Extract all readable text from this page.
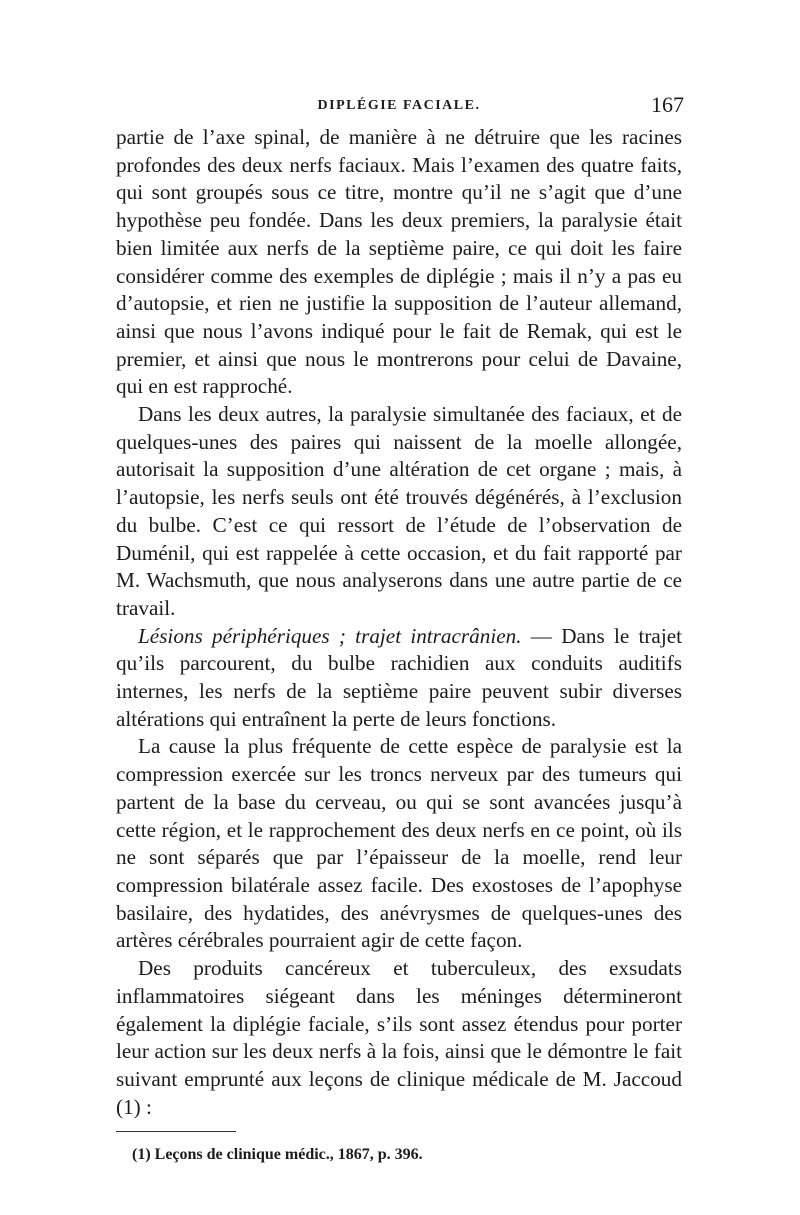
DIPLÉGIE FACIALE.	167

partie de l’axe spinal, de manière à ne détruire que les racines profondes des deux nerfs faciaux. Mais l’examen des quatre faits, qui sont groupés sous ce titre, montre qu’il ne s’agit que d’une hypothèse peu fondée. Dans les deux premiers, la paralysie était bien limitée aux nerfs de la septième paire, ce qui doit les faire considérer comme des exemples de diplégie ; mais il n’y a pas eu d’autopsie, et rien ne justifie la supposition de l’auteur allemand, ainsi que nous l’avons indiqué pour le fait de Remak, qui est le premier, et ainsi que nous le montrerons pour celui de Davaine, qui en est rapproché.

Dans les deux autres, la paralysie simultanée des faciaux, et de quelques-unes des paires qui naissent de la moelle allongée, autorisait la supposition d’une altération de cet organe ; mais, à l’autopsie, les nerfs seuls ont été trouvés dégénérés, à l’exclusion du bulbe. C’est ce qui ressort de l’étude de l’observation de Duménil, qui est rappelée à cette occasion, et du fait rapporté par M. Wachsmuth, que nous analyserons dans une autre partie de ce travail.

Lésions périphériques ; trajet intracrânien. — Dans le trajet qu’ils parcourent, du bulbe rachidien aux conduits auditifs internes, les nerfs de la septième paire peuvent subir diverses altérations qui entraînent la perte de leurs fonctions.

La cause la plus fréquente de cette espèce de paralysie est la compression exercée sur les troncs nerveux par des tumeurs qui partent de la base du cerveau, ou qui se sont avancées jusqu’à cette région, et le rapprochement des deux nerfs en ce point, où ils ne sont séparés que par l’épaisseur de la moelle, rend leur compression bilatérale assez facile. Des exostoses de l’apophyse basilaire, des hydatides, des anévrysmes de quelques-unes des artères cérébrales pourraient agir de cette façon.

Des produits cancéreux et tuberculeux, des exsudats inflammatoires siégeant dans les méninges détermineront également la diplégie faciale, s’ils sont assez étendus pour porter leur action sur les deux nerfs à la fois, ainsi que le démontre le fait suivant emprunté aux leçons de clinique médicale de M. Jaccoud (1) :

(1) Leçons de clinique médic., 1867, p. 396.
